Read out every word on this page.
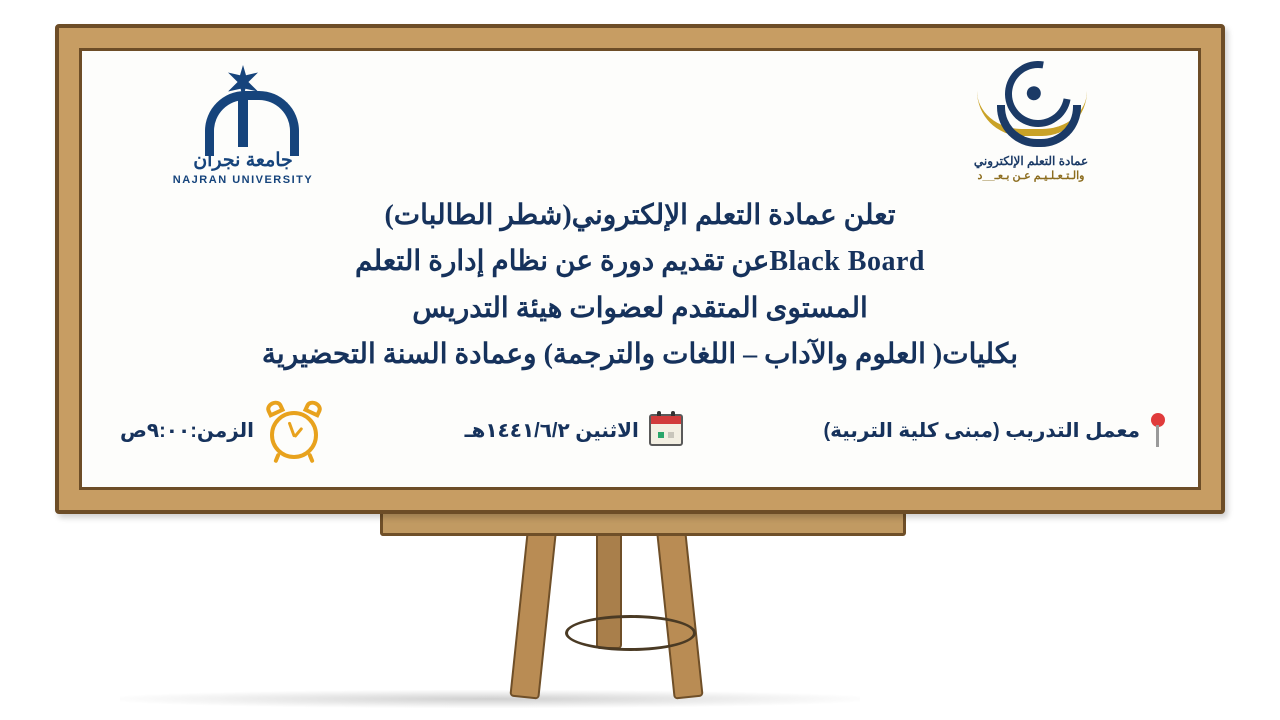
عمادة التعلم الإلكتروني
والـتـعـلـيـم عـن بـعـ__د
جامعة نجران
NAJRAN UNIVERSITY
تعلن عمادة التعلم الإلكتروني(شطر الطالبات)
Black Boardعن تقديم دورة عن نظام إدارة التعلم
المستوى المتقدم لعضوات هيئة التدريس
بكليات( العلوم والآداب – اللغات والترجمة) وعمادة السنة التحضيرية
معمل التدريب (مبنى كلية التربية)
الاثنين ١٤٤١/٦/٢هـ
الزمن:٩:٠٠ص
